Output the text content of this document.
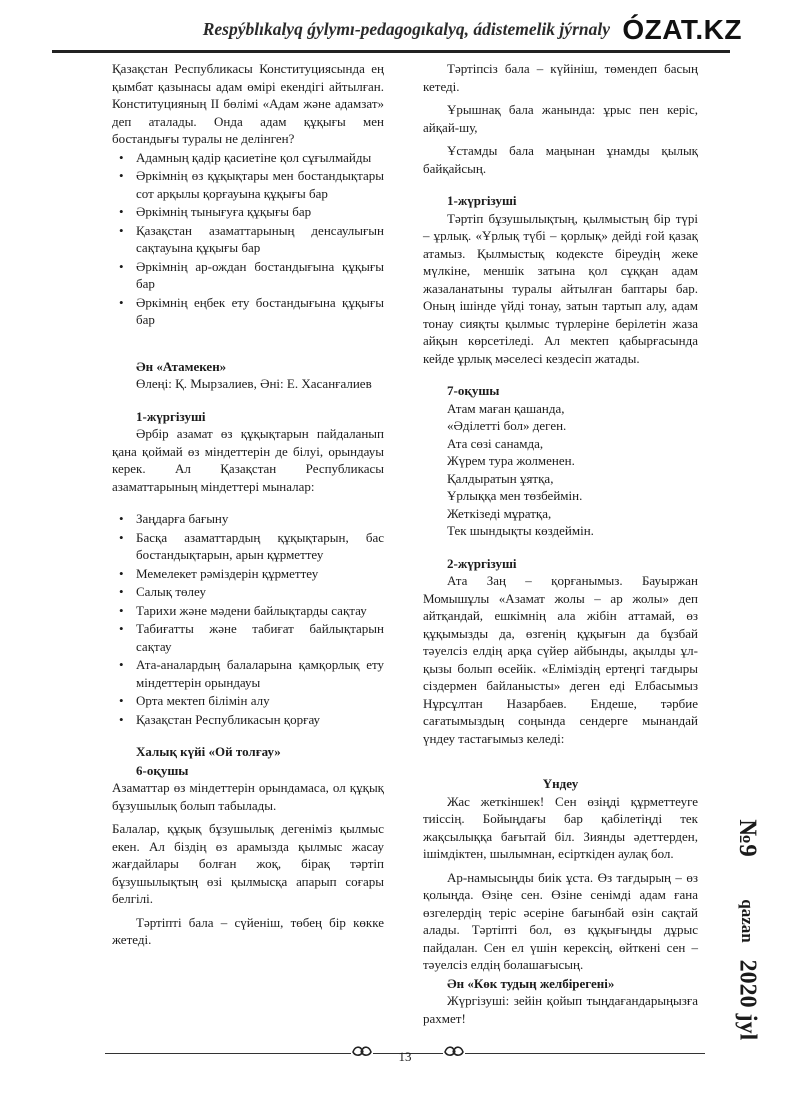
Respýblıkalyq ǵylymı-pedagogıkalyq, ádistemelik jýrnaly ÓZAT.KZ

Қазақстан Республикасы Конституциясында ең қымбат қазынасы адам өмірі екендігі айтылған. Конституцияның II бөлімі «Адам және адамзат» деп аталады. Онда адам құқығы мен бостандығы туралы не делінген?

• Адамның қадір қасиетіне қол сұғылмайды

• Әркімнің өз құқықтары мен бостандықтары сот арқылы қорғауына құқығы бар

• Әркімнің тынығуға құқығы бар

• Қазақстан азаматтарының денсаулығын сақтауына құқығы бар

• Әркімнің ар-ождан бостандығына құқығы бар

• Әркімнің еңбек ету бостандығына құқығы бар

Ән «Атамекен»

Өлеңі: Қ. Мырзалиев, Әні: Е. Хасанғалиев

1-жүргізуші

Әрбір азамат өз құқықтарын пайдаланып қана қоймай өз міндеттерін де білуі, орындауы керек. Ал Қазақстан Республикасы азаматтарының міндеттері мыналар:

• Заңдарға бағыну

• Басқа азаматтардың құқықтарын, бас бостандықтарын, арын құрметтеу

• Мемелекет рәміздерін құрметтеу

• Салық төлеу

• Тарихи және мәдени байлықтарды сақтау

• Табиғатты және табиғат байлықтарын сақтау

• Ата-аналардың балаларына қамқорлық ету міндеттерін орындауы

• Орта мектеп білімін алу

• Қазақстан Республикасын қорғау

Халық күйі «Ой толғау»

6-оқушы

Азаматтар өз міндеттерін орындамаса, ол құқық бұзушылық болып табылады.

Балалар, құқық бұзушылық дегеніміз қылмыс екен. Ал біздің өз арамызда қылмыс жасау жағдайлары болған жоқ, бірақ тәртіп бұзушылықтың өзі қылмысқа апарып соғары белгілі.

Тәртіпті бала – сүйеніш, төбең бір көкке жетеді.

Тәртіпсіз бала – күйініш, төмендеп басың кетеді.

Ұрышнақ бала жанында: ұрыс пен керіс, айқай-шу,

Ұстамды бала маңынан ұнамды қылық байқайсың.

1-жүргізуші

Тәртіп бұзушылықтың, қылмыстың бір түрі – ұрлық. «Ұрлық түбі – қорлық» дейді ғой қазақ атамыз. Қылмыстық кодексте біреудің жеке мүлкіне, меншік затына қол сұққан адам жазаланатыны туралы айтылған баптары бар. Оның ішінде үйді тонау, затын тартып алу, адам тонау сияқты қылмыс түрлеріне берілетін жаза айқын көрсетіледі. Ал мектеп қабырғасында кейде ұрлық мәселесі кездесіп жатады.

7-оқушы

Атам маған қашанда,

«Әділетті бол» деген.

Ата сөзі санамда,

Жүрем тура жолменен.

Қалдыратын ұятқа,

Ұрлыққа мен төзбеймін.

Жеткізеді мұратқа,

Тек шындықты көздеймін.

2-жүргізуші

Ата Заң – қорғанымыз. Бауыржан Момышұлы «Азамат жолы – ар жолы» деп айтқандай, ешкімнің ала жібін аттамай, өз құқымызды да, өзгенің құқығын да бұзбай тәуелсіз елдің арқа сүйер айбынды, ақылды ұл-қызы болып өсейік. «Еліміздің ертеңгі тағдыры сіздермен байланысты» деген еді Елбасымыз Нұрсұлтан Назарбаев. Ендеше, тәрбие сағатымыздың соңында сендерге мынандай үндеу тастағымыз келеді:

Үндеу

Жас жеткіншек! Сен өзіңді құрметтеуге тиіссің. Бойыңдағы бар қабілетіңді тек жақсылыққа бағытай біл. Зиянды әдеттерден, ішімдіктен, шылымнан, есірткіден аулақ бол.

Ар-намысыңды биік ұста. Өз тағдырың – өз қолыңда. Өзіңе сен. Өзіне сенімді адам ғана өзгелердің теріс әсеріне бағынбай өзін сақтай алады. Тәртіпті бол, өз құқығыңды дұрыс пайдалан. Сен ел үшін керексің, өйткені сен – тәуелсіз елдің болашағысың.

Ән «Көк тудың желбірегені»

Жүргізуші: зейін қойып тыңдағандарыңызға рахмет!

№9
qazan
2020 jyl
13
